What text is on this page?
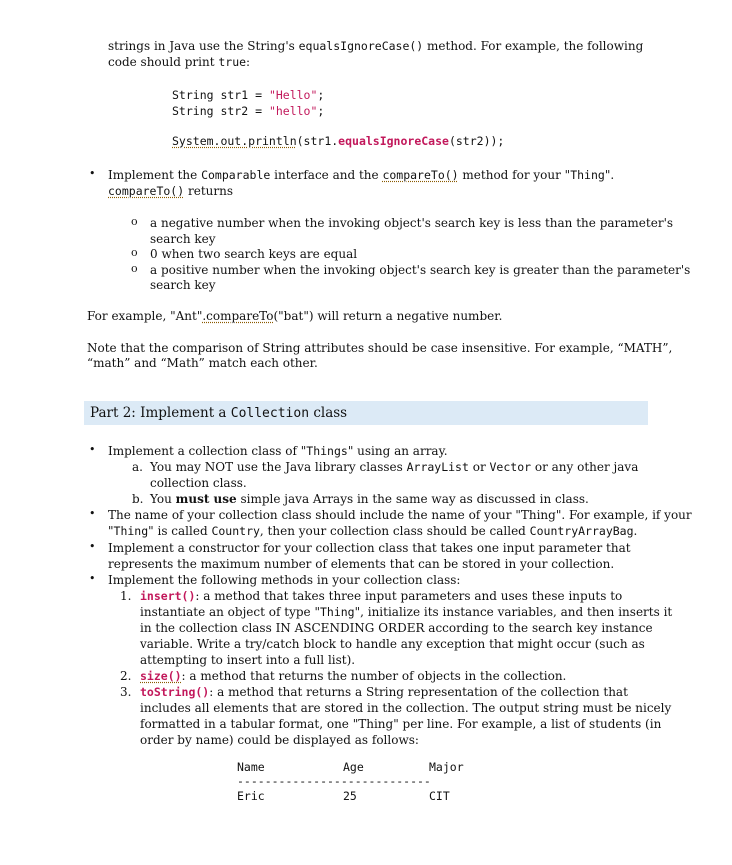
strings in Java use the String's equalsIgnoreCase() method. For example, the following
code should print true:
String str1 = "Hello";
String str2 = "hello";
System.out.println(str1.equalsIgnoreCase(str2));
• Implement the Comparable interface and the compareTo() method for your "Thing".
compareTo() returns
o a negative number when the invoking object's search key is less than the parameter's
search key
o 0 when two search keys are equal
o a positive number when the invoking object's search key is greater than the parameter's
search key
For example, "Ant".compareTo("bat") will return a negative number.
Note that the comparison of String attributes should be case insensitive. For example, “MATH”,
“math” and “Math” match each other.
Part 2: Implement a Collection class
• Implement a collection class of "Things" using an array.
a. You may NOT use the Java library classes ArrayList or Vector or any other java
collection class.
b. You must use simple java Arrays in the same way as discussed in class.
• The name of your collection class should include the name of your "Thing". For example, if your
"Thing" is called Country, then your collection class should be called CountryArrayBag.
• Implement a constructor for your collection class that takes one input parameter that
represents the maximum number of elements that can be stored in your collection.
• Implement the following methods in your collection class:
1. insert(): a method that takes three input parameters and uses these inputs to
instantiate an object of type "Thing", initialize its instance variables, and then inserts it
in the collection class IN ASCENDING ORDER according to the search key instance
variable. Write a try/catch block to handle any exception that might occur (such as
attempting to insert into a full list).
2. size(): a method that returns the number of objects in the collection.
3. toString(): a method that returns a String representation of the collection that
includes all elements that are stored in the collection. The output string must be nicely
formatted in a tabular format, one "Thing" per line. For example, a list of students (in
order by name) could be displayed as follows:
Name	Age	Major
----------------------------
Eric	25	CIT
